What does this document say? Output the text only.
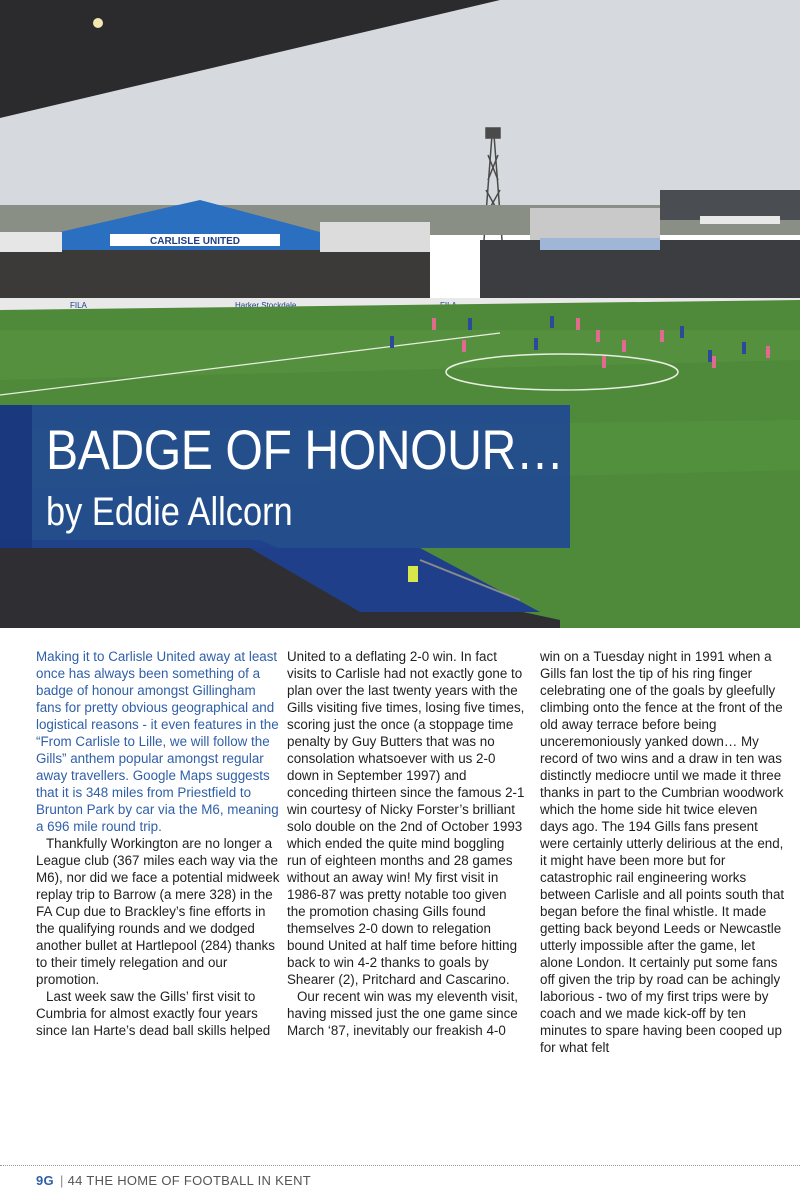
CARLISLE UNITED
FILA	Harker Stockdale
BADGE OF HONOUR…
by Eddie Allcorn

Making it to Carlisle United away at least once has always been something of a badge of honour amongst Gillingham fans for pretty obvious geographical and logistical reasons - it even features in the “From Carlisle to Lille, we will follow the Gills” anthem popular amongst regular away travellers. Google Maps suggests that it is 348 miles from Priestfield to Brunton Park by car via the M6, meaning a 696 mile round trip.

Thankfully Workington are no longer a League club (367 miles each way via the M6), nor did we face a potential midweek replay trip to Barrow (a mere 328) in the FA Cup due to Brackley’s fine efforts in the qualifying rounds and we dodged another bullet at Hartlepool (284) thanks to their timely relegation and our promotion.

Last week saw the Gills’ first visit to Cumbria for almost exactly four years since Ian Harte’s dead ball skills helped

United to a deflating 2-0 win. In fact visits to Carlisle had not exactly gone to plan over the last twenty years with the Gills visiting five times, losing five times, scoring just the once (a stoppage time penalty by Guy Butters that was no consolation whatsoever with us 2-0 down in September 1997) and conceding thirteen since the famous 2-1 win courtesy of Nicky Forster’s brilliant solo double on the 2nd of October 1993 which ended the quite mind boggling run of eighteen months and 28 games without an away win! My first visit in 1986-87 was pretty notable too given the promotion chasing Gills found themselves 2-0 down to relegation bound United at half time before hitting back to win 4-2 thanks to goals by Shearer (2), Pritchard and Cascarino.

Our recent win was my eleventh visit, having missed just the one game since March ‘87, inevitably our freakish 4-0

win on a Tuesday night in 1991 when a Gills fan lost the tip of his ring finger celebrating one of the goals by gleefully climbing onto the fence at the front of the old away terrace before being unceremoniously yanked down… My record of two wins and a draw in ten was distinctly mediocre until we made it three thanks in part to the Cumbrian woodwork which the home side hit twice eleven days ago. The 194 Gills fans present were certainly utterly delirious at the end, it might have been more but for catastrophic rail engineering works between Carlisle and all points south that began before the final whistle. It made getting back beyond Leeds or Newcastle utterly impossible after the game, let alone London. It certainly put some fans off given the trip by road can be achingly laborious - two of my first trips were by coach and we made kick-off by ten minutes to spare having been cooped up for what felt

9G | 44 THE HOME OF FOOTBALL IN KENT
